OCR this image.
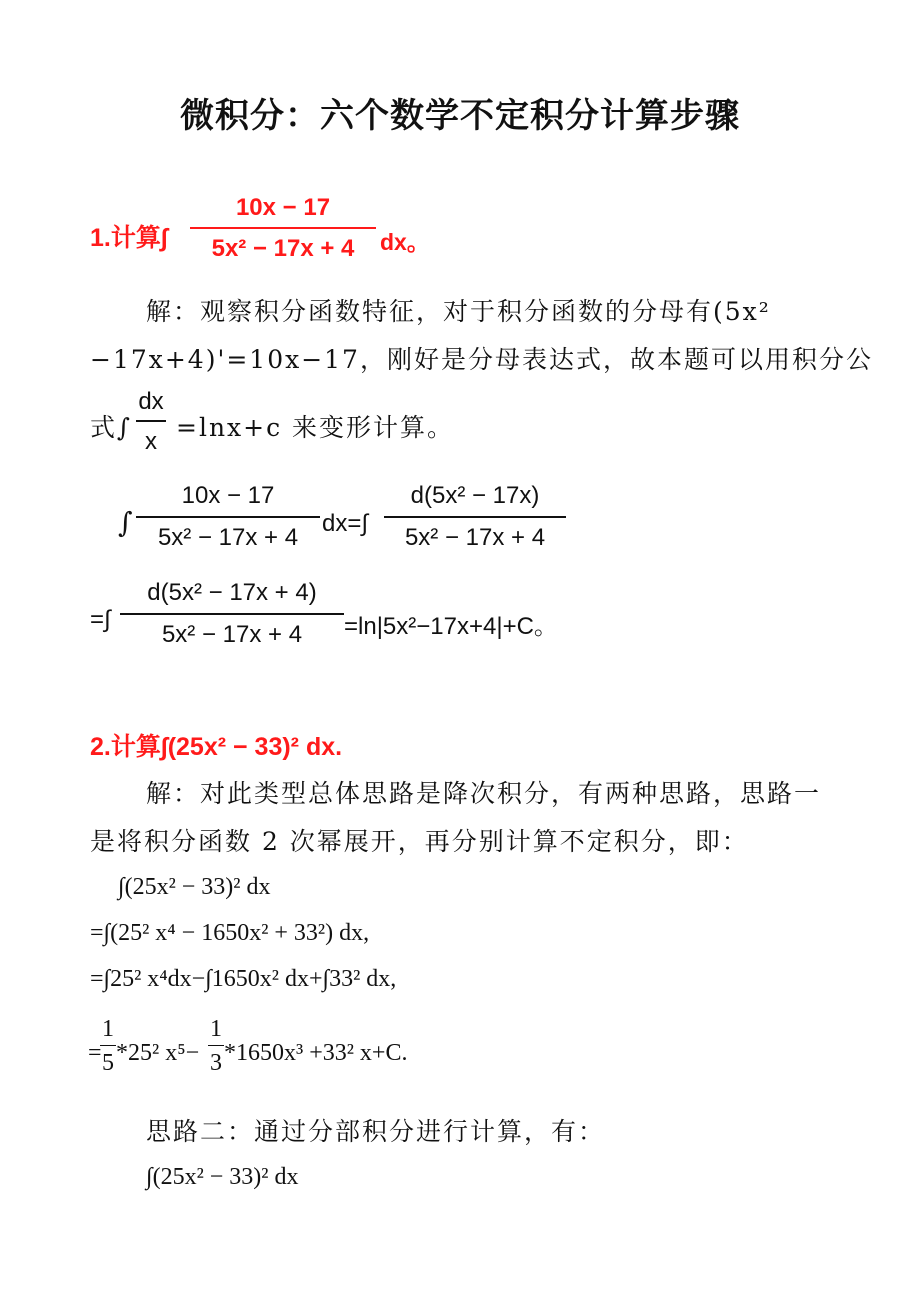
微积分：六个数学不定积分计算步骤
1.计算∫
10x − 17
5x² − 17x + 4	dx。
解：观察积分函数特征，对于积分函数的分母有(5x²
−17x+4)'=10x−17，刚好是分母表达式，故本题可以用积分公
式∫
dx
x =lnx+c 来变形计算。
∫
10x − 17
5x² − 17x + 4
dx=∫
d(5x² − 17x)
5x² − 17x + 4
=∫
d(5x² − 17x + 4)
5x² − 17x + 4	=ln|5x²−17x+4|+C。
2.计算∫(25x² − 33)² dx.
解：对此类型总体思路是降次积分，有两种思路，思路一
是将积分函数 2 次幂展开，再分别计算不定积分，即：
∫(25x² − 33)² dx
=∫(25² x⁴ − 1650x² + 33²) dx,
=∫25² x⁴dx−∫1650x² dx+∫33² dx,
=
1
5 *25² x⁵−
1
3 *1650x³ +33² x+C.
思路二：通过分部积分进行计算，有：
∫(25x² − 33)² dx
